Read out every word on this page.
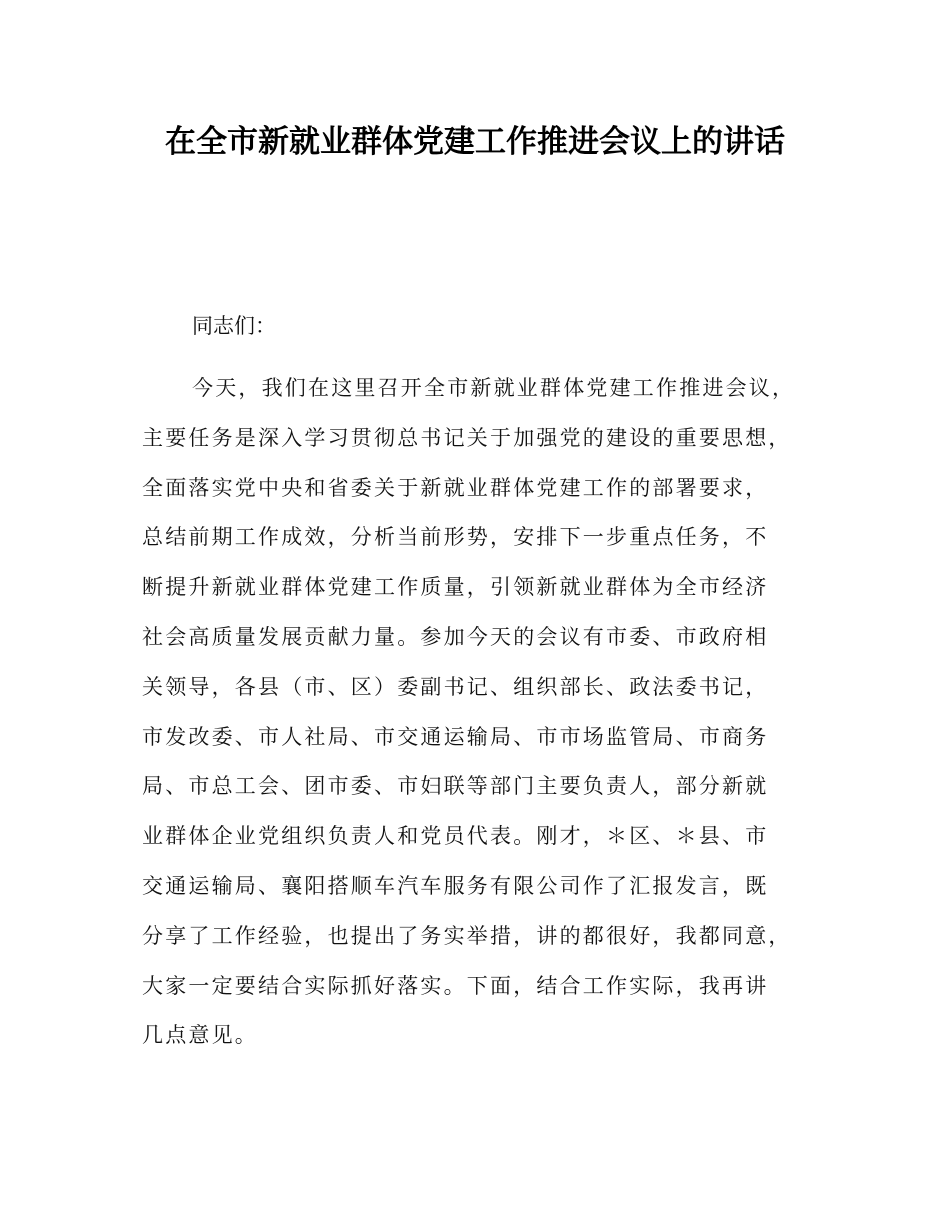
在全市新就业群体党建工作推进会议上的讲话

同志们：

今天，我们在这里召开全市新就业群体党建工作推进会议，
主要任务是深入学习贯彻总书记关于加强党的建设的重要思想，
全面落实党中央和省委关于新就业群体党建工作的部署要求，
总结前期工作成效，分析当前形势，安排下一步重点任务，不
断提升新就业群体党建工作质量，引领新就业群体为全市经济
社会高质量发展贡献力量。参加今天的会议有市委、市政府相
关领导，各县（市、区）委副书记、组织部长、政法委书记，
市发改委、市人社局、市交通运输局、市市场监管局、市商务
局、市总工会、团市委、市妇联等部门主要负责人，部分新就
业群体企业党组织负责人和党员代表。刚才，＊区、＊县、市
交通运输局、襄阳搭顺车汽车服务有限公司作了汇报发言，既
分享了工作经验，也提出了务实举措，讲的都很好，我都同意，
大家一定要结合实际抓好落实。下面，结合工作实际，我再讲
几点意见。
